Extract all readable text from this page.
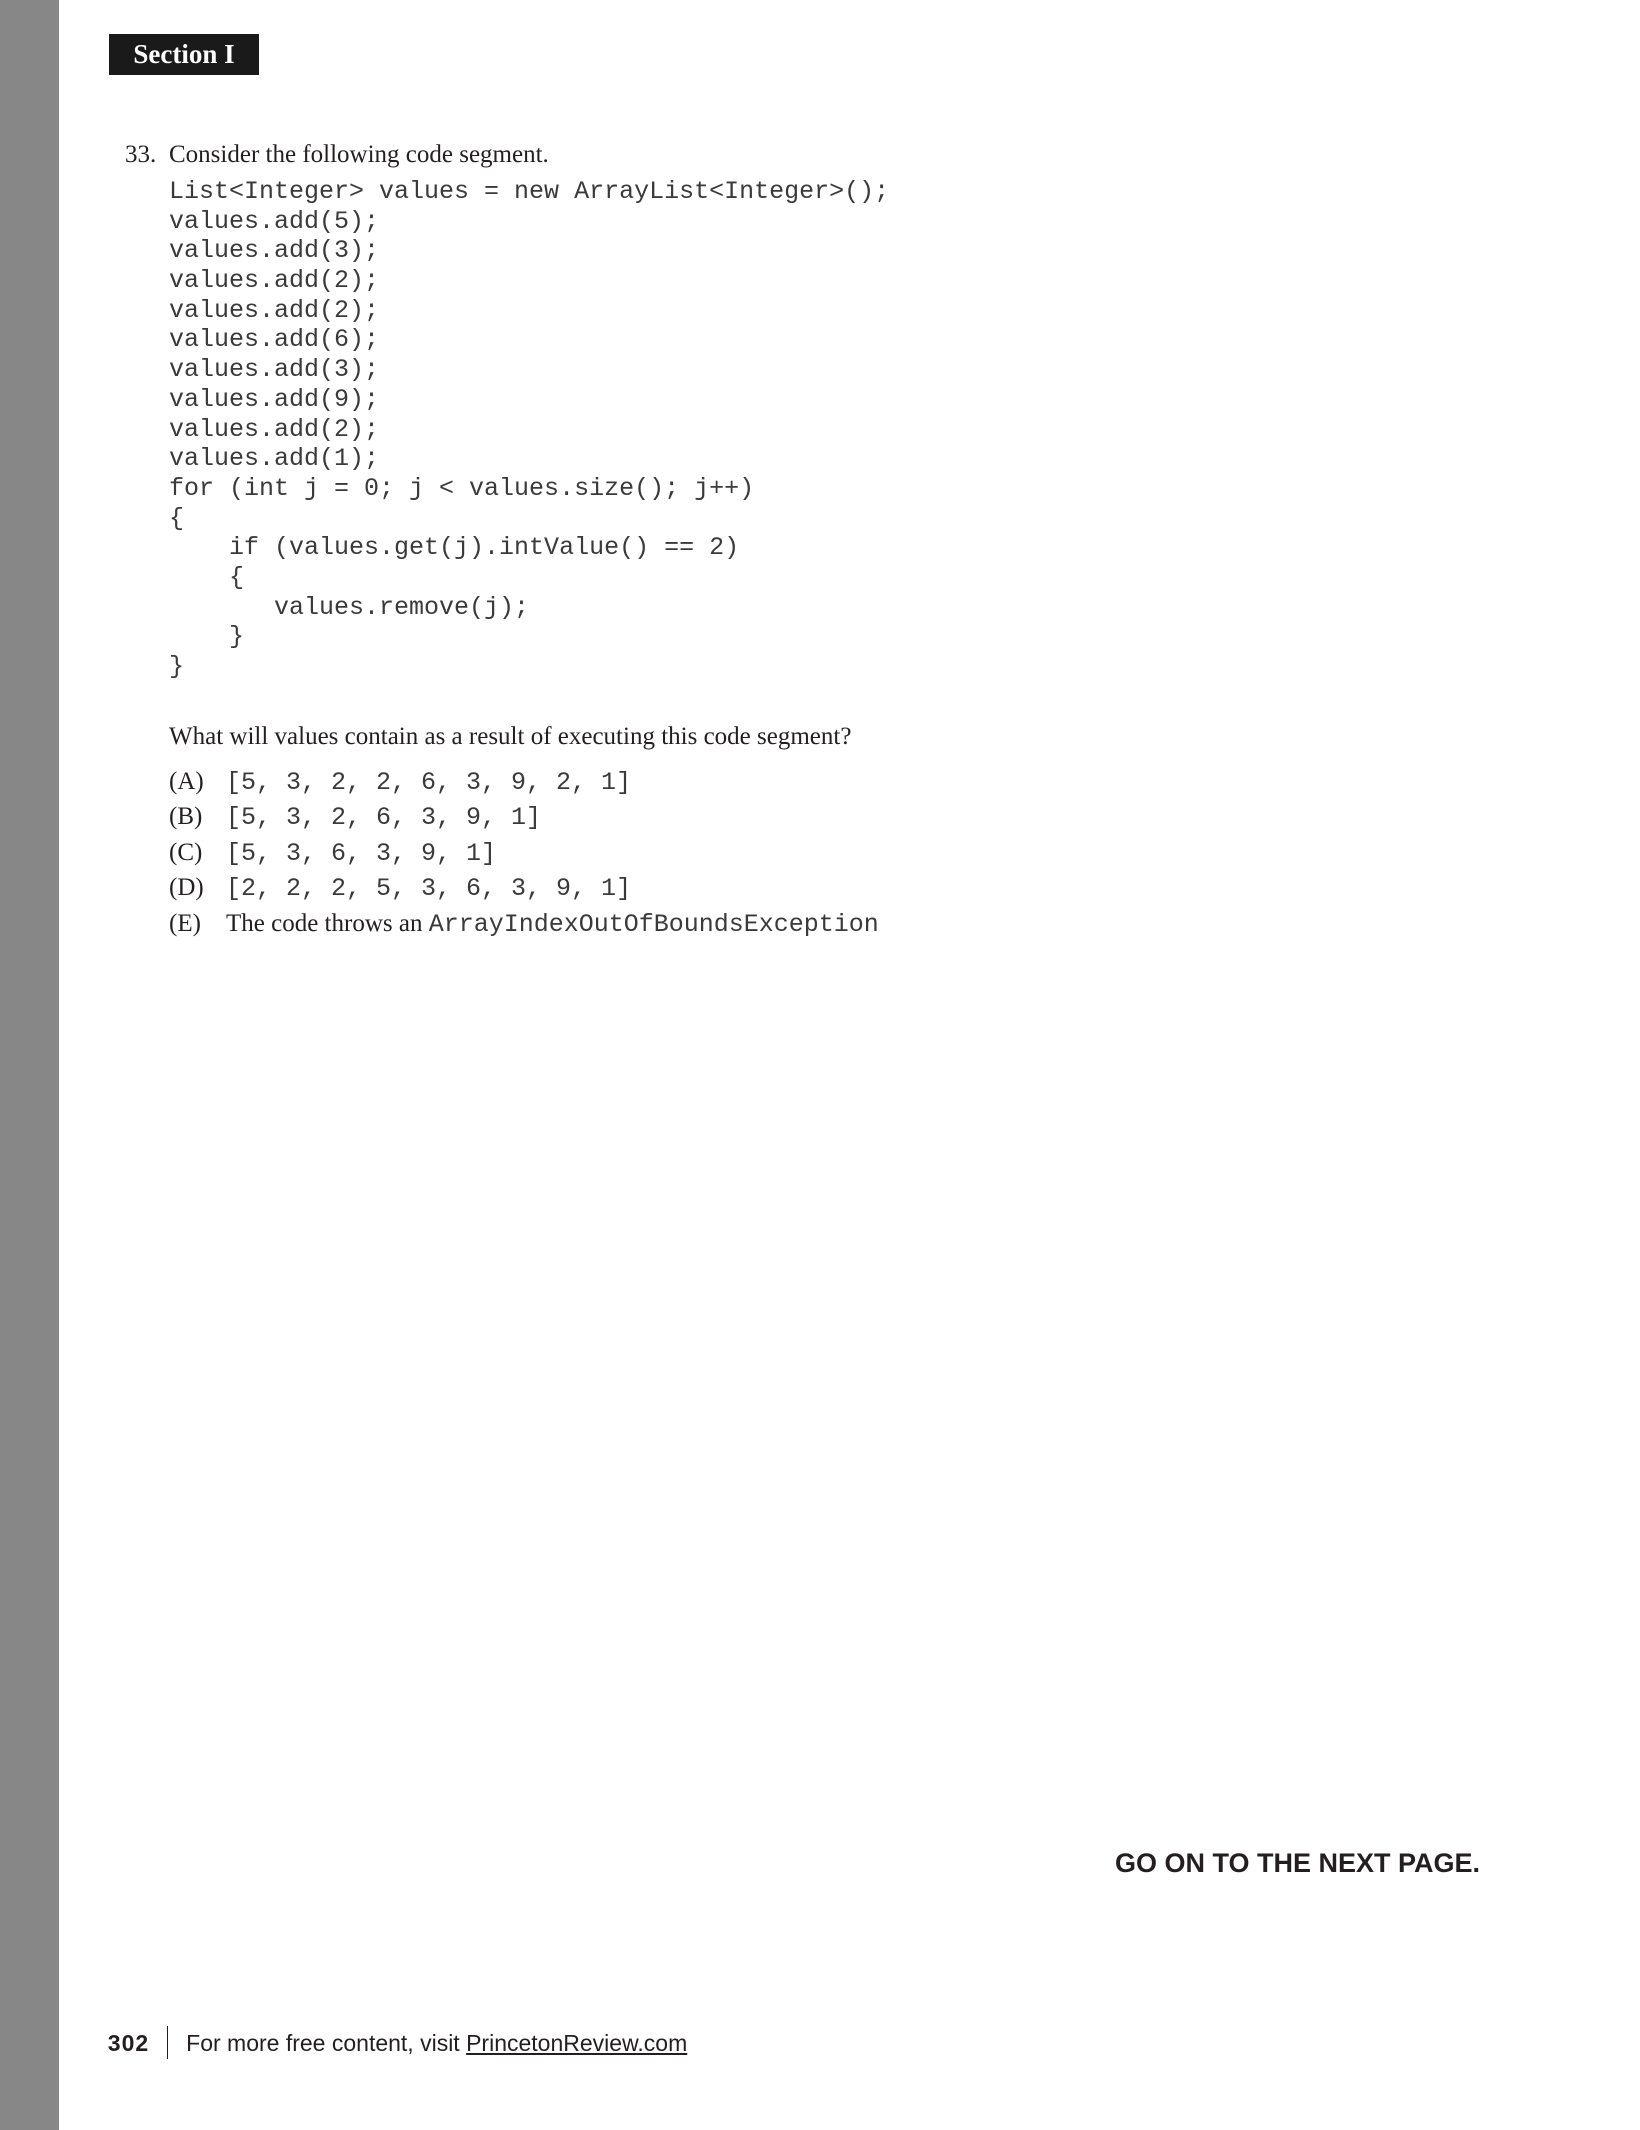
Section I
33. Consider the following code segment.
List<Integer> values = new ArrayList<Integer>();
values.add(5);
values.add(3);
values.add(2);
values.add(2);
values.add(6);
values.add(3);
values.add(9);
values.add(2);
values.add(1);
for (int j = 0; j < values.size(); j++)
{
if (values.get(j).intValue() == 2)
{
values.remove(j);
}
}
What will values contain as a result of executing this code segment?
(A) [5, 3, 2, 2, 6, 3, 9, 2, 1]
(B) [5, 3, 2, 6, 3, 9, 1]
(C) [5, 3, 6, 3, 9, 1]
(D) [2, 2, 2, 5, 3, 6, 3, 9, 1]
(E) The code throws an ArrayIndexOutOfBoundsException
GO ON TO THE NEXT PAGE.

302 For more free content, visit PrincetonReview.com
